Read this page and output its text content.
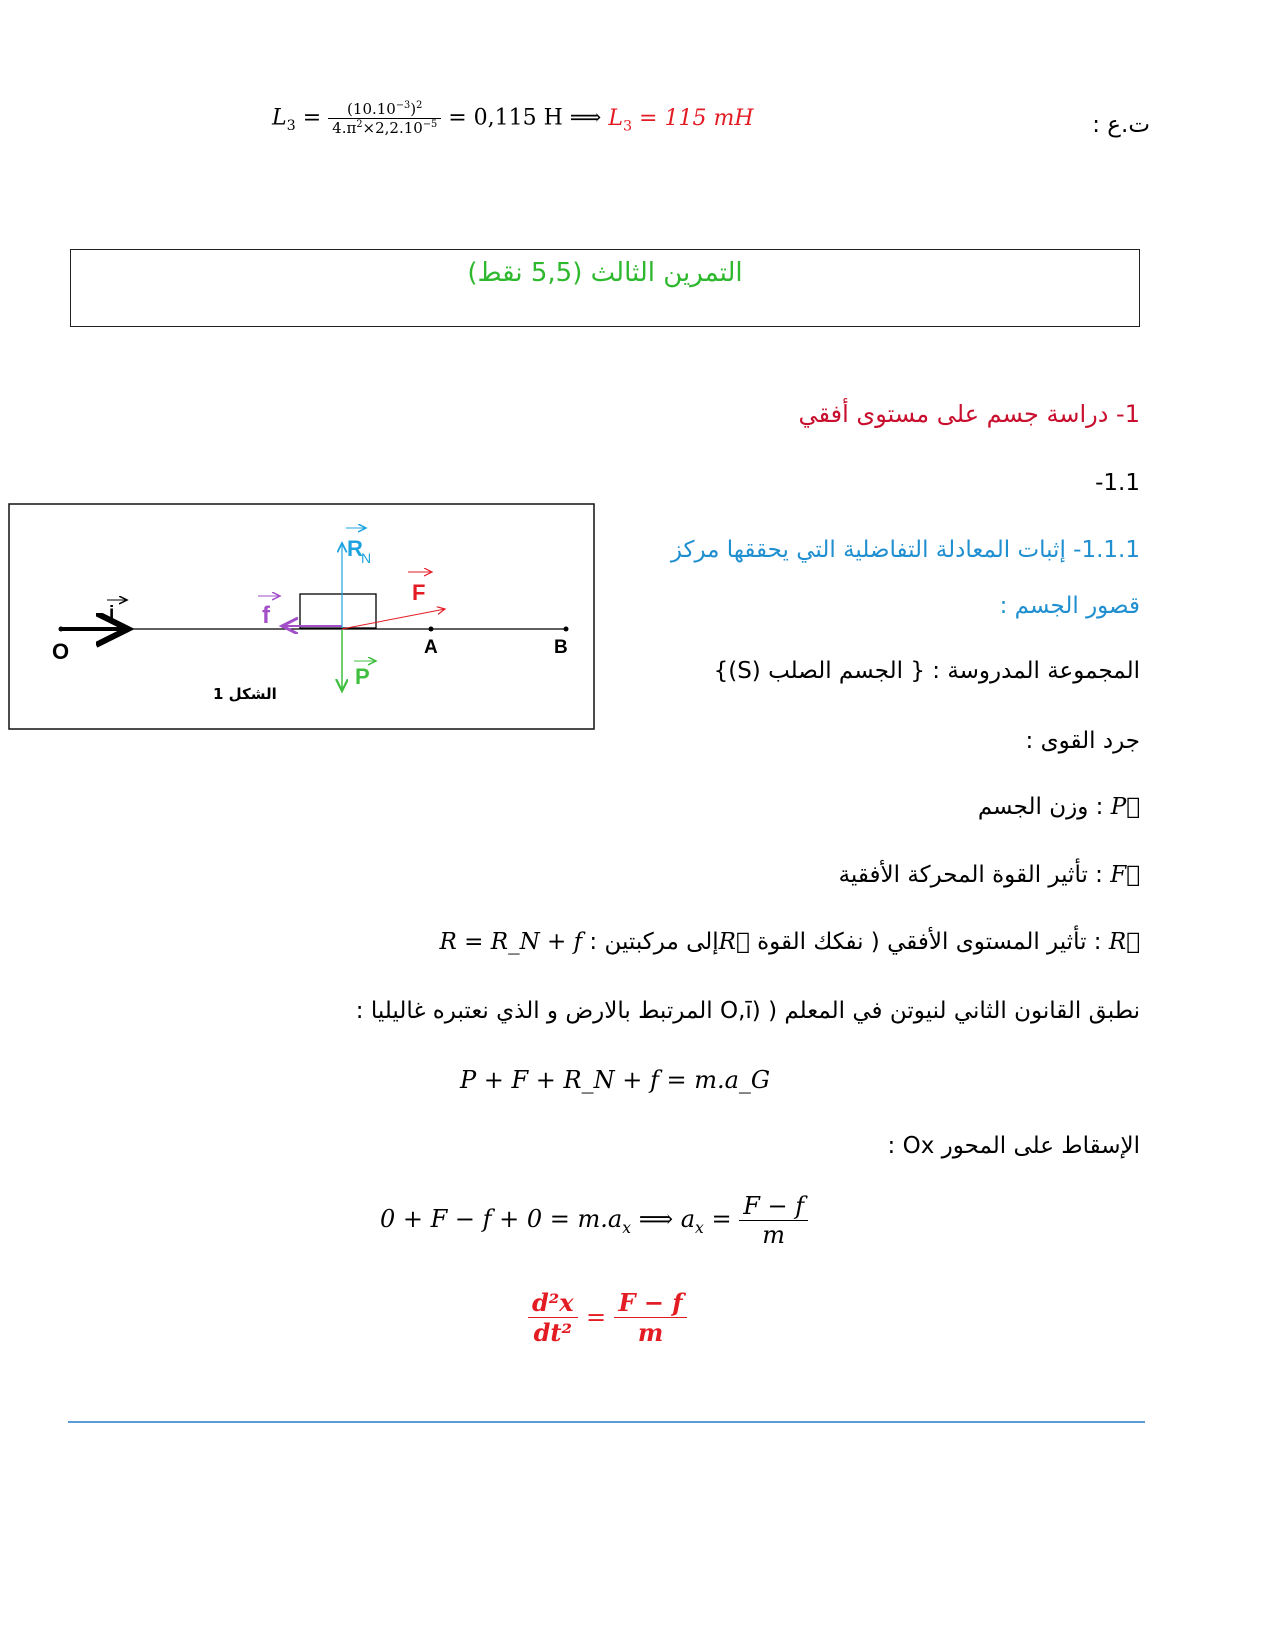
ت.ع :
$L_3 = \frac{(10.10^{-3})^2}{4.\pi^2\times 2,2.10^{-5}} = 0,115$ H ⟹ $L_3 = 115$ mH
التمرين الثالث (5,5 نقط)
1- دراسة جسم على مستوى أفقي
1.1-
1.1.1- إثبات المعادلة التفاضلية التي يحققها مركز
قصور الجسم :
المجموعة المدروسة : { الجسم الصلب (S)}
جرد القوى :
P⃗ : وزن الجسم
F⃗ : تأثير القوة المحركة الأفقية
R⃗ : تأثير المستوى الأفقي ( نفكك القوة R⃗إلى مركبتين : R = R_N + f
نطبق القانون الثاني لنيوتن في المعلم ( (O,ī المرتبط بالارض و الذي نعتبره غاليليا :
P + F + R_N + f = m.a_G
الإسقاط على المحور Ox :
$0 + F - f + 0 = m.a_x$ ⟹ $a_x = \frac{F - f}{m}$
$\frac{\text{d²x}}{\text{dt²}} = \frac{F - f}{m}$
O
i
A	B
F
f
R
N
P
الشكل 1
